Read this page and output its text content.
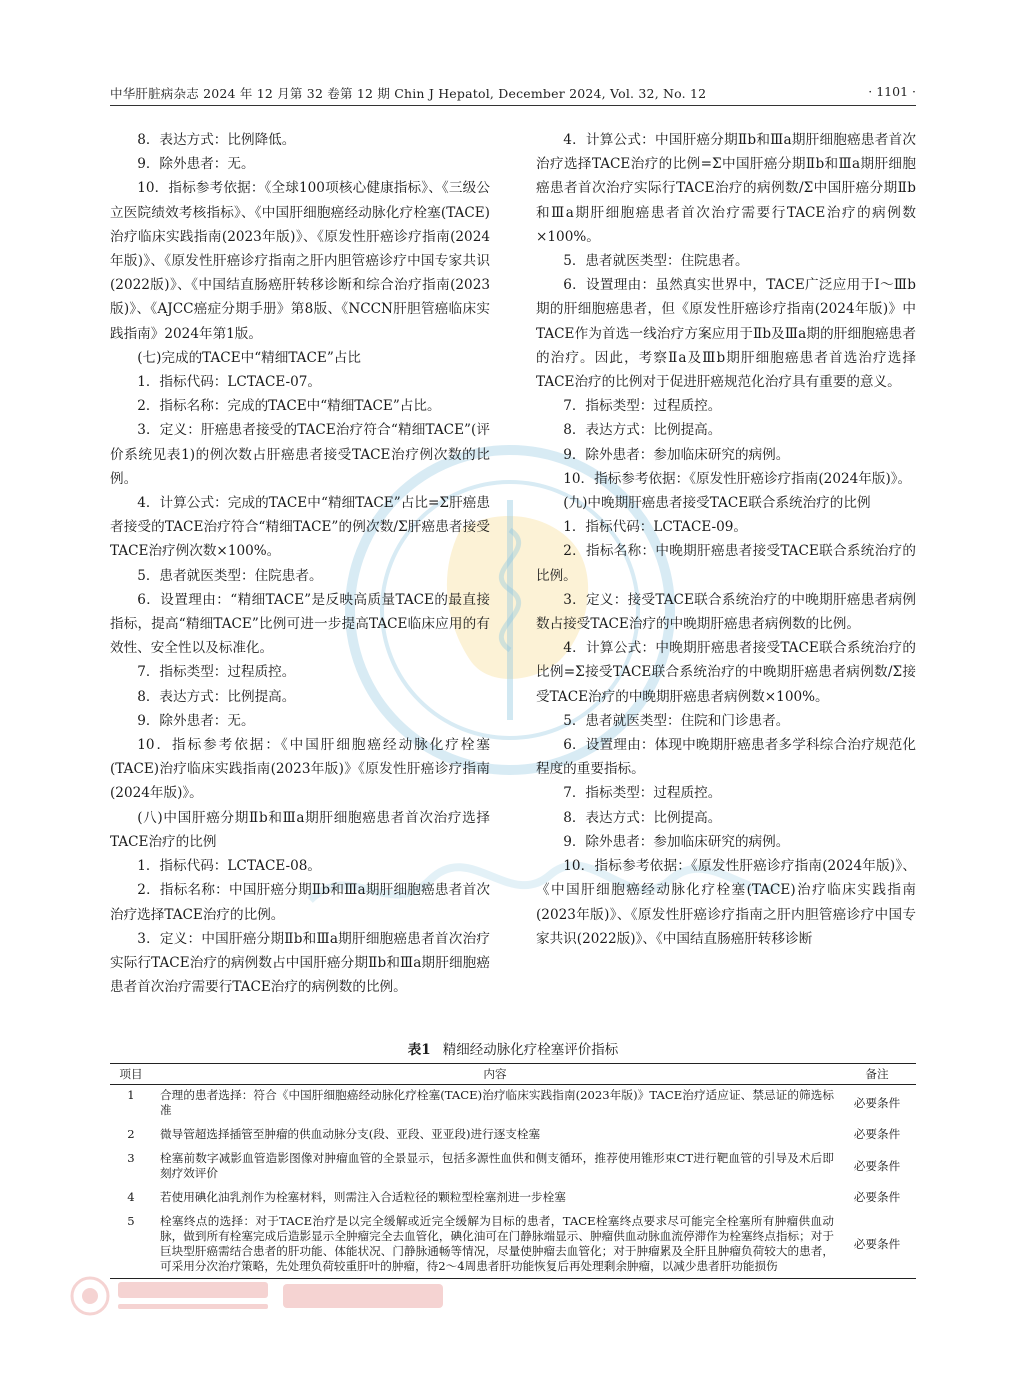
中华肝脏病杂志 2024 年 12 月第 32 卷第 12 期 Chin J Hepatol, December 2024, Vol. 32, No. 12	· 1101 ·

8．表达方式：比例降低。

9．除外患者：无。

10．指标参考依据：《全球100项核心健康指标》、《三级公立医院绩效考核指标》、《中国肝细胞癌经动脉化疗栓塞(TACE)治疗临床实践指南(2023年版)》、《原发性肝癌诊疗指南(2024年版)》、《原发性肝癌诊疗指南之肝内胆管癌诊疗中国专家共识(2022版)》、《中国结直肠癌肝转移诊断和综合治疗指南(2023版)》、《AJCC癌症分期手册》第8版、《NCCN肝胆管癌临床实践指南》2024年第1版。

(七)完成的TACE中“精细TACE”占比

1．指标代码：LCTACE-07。

2．指标名称：完成的TACE中“精细TACE”占比。

3．定义：肝癌患者接受的TACE治疗符合“精细TACE”(评价系统见表1)的例次数占肝癌患者接受TACE治疗例次数的比例。

4．计算公式：完成的TACE中“精细TACE”占比=Σ肝癌患者接受的TACE治疗符合“精细TACE”的例次数/Σ肝癌患者接受TACE治疗例次数×100%。

5．患者就医类型：住院患者。

6．设置理由：“精细TACE”是反映高质量TACE的最直接指标，提高“精细TACE”比例可进一步提高TACE临床应用的有效性、安全性以及标准化。

7．指标类型：过程质控。

8．表达方式：比例提高。

9．除外患者：无。

10．指标参考依据：《中国肝细胞癌经动脉化疗栓塞(TACE)治疗临床实践指南(2023年版)》《原发性肝癌诊疗指南(2024年版)》。

(八)中国肝癌分期Ⅱb和Ⅲa期肝细胞癌患者首次治疗选择TACE治疗的比例

1．指标代码：LCTACE-08。

2．指标名称：中国肝癌分期Ⅱb和Ⅲa期肝细胞癌患者首次治疗选择TACE治疗的比例。

3．定义：中国肝癌分期Ⅱb和Ⅲa期肝细胞癌患者首次治疗实际行TACE治疗的病例数占中国肝癌分期Ⅱb和Ⅲa期肝细胞癌患者首次治疗需要行TACE治疗的病例数的比例。

4．计算公式：中国肝癌分期Ⅱb和Ⅲa期肝细胞癌患者首次治疗选择TACE治疗的比例=Σ中国肝癌分期Ⅱb和Ⅲa期肝细胞癌患者首次治疗实际行TACE治疗的病例数/Σ中国肝癌分期Ⅱb和Ⅲa期肝细胞癌患者首次治疗需要行TACE治疗的病例数×100%。

5．患者就医类型：住院患者。

6．设置理由：虽然真实世界中，TACE广泛应用于Ⅰ～Ⅲb期的肝细胞癌患者，但《原发性肝癌诊疗指南(2024年版)》中TACE作为首选一线治疗方案应用于Ⅱb及Ⅲa期的肝细胞癌患者的治疗。因此，考察Ⅱa及Ⅲb期肝细胞癌患者首选治疗选择TACE治疗的比例对于促进肝癌规范化治疗具有重要的意义。

7．指标类型：过程质控。

8．表达方式：比例提高。

9．除外患者：参加临床研究的病例。

10．指标参考依据：《原发性肝癌诊疗指南(2024年版)》。

(九)中晚期肝癌患者接受TACE联合系统治疗的比例

1．指标代码：LCTACE-09。

2．指标名称：中晚期肝癌患者接受TACE联合系统治疗的比例。

3．定义：接受TACE联合系统治疗的中晚期肝癌患者病例数占接受TACE治疗的中晚期肝癌患者病例数的比例。

4．计算公式：中晚期肝癌患者接受TACE联合系统治疗的比例=Σ接受TACE联合系统治疗的中晚期肝癌患者病例数/Σ接受TACE治疗的中晚期肝癌患者病例数×100%。

5．患者就医类型：住院和门诊患者。

6．设置理由：体现中晚期肝癌患者多学科综合治疗规范化程度的重要指标。

7．指标类型：过程质控。

8．表达方式：比例提高。

9．除外患者：参加临床研究的病例。

10．指标参考依据：《原发性肝癌诊疗指南(2024年版)》、《中国肝细胞癌经动脉化疗栓塞(TACE)治疗临床实践指南(2023年版)》、《原发性肝癌诊疗指南之肝内胆管癌诊疗中国专家共识(2022版)》、《中国结直肠癌肝转移诊断

表1 精细经动脉化疗栓塞评价指标
项目	内容	备注
1	合理的患者选择：符合《中国肝细胞癌经动脉化疗栓塞(TACE)治疗临床实践指南(2023年版)》TACE治疗适应证、禁忌证的筛选标准	必要条件
2	微导管超选择插管至肿瘤的供血动脉分支(段、亚段、亚亚段)进行逐支栓塞	必要条件
3	栓塞前数字减影血管造影图像对肿瘤血管的全景显示，包括多源性血供和侧支循环，推荐使用锥形束CT进行靶血管的引导及术后即刻疗效评价	必要条件
4	若使用碘化油乳剂作为栓塞材料，则需注入合适粒径的颗粒型栓塞剂进一步栓塞	必要条件
5	栓塞终点的选择：对于TACE治疗是以完全缓解或近完全缓解为目标的患者，TACE栓塞终点要求尽可能完全栓塞所有肿瘤供血动脉，做到所有栓塞完成后造影显示全肿瘤完全去血管化，碘化油可在门静脉端显示、肿瘤供血动脉血流停滞作为栓塞终点指标；对于巨块型肝癌需结合患者的肝功能、体能状况、门静脉通畅等情况，尽量使肿瘤去血管化；对于肿瘤累及全肝且肿瘤负荷较大的患者，可采用分次治疗策略，先处理负荷较重肝叶的肿瘤，待2～4周患者肝功能恢复后再处理剩余肿瘤，以减少患者肝功能损伤	必要条件
